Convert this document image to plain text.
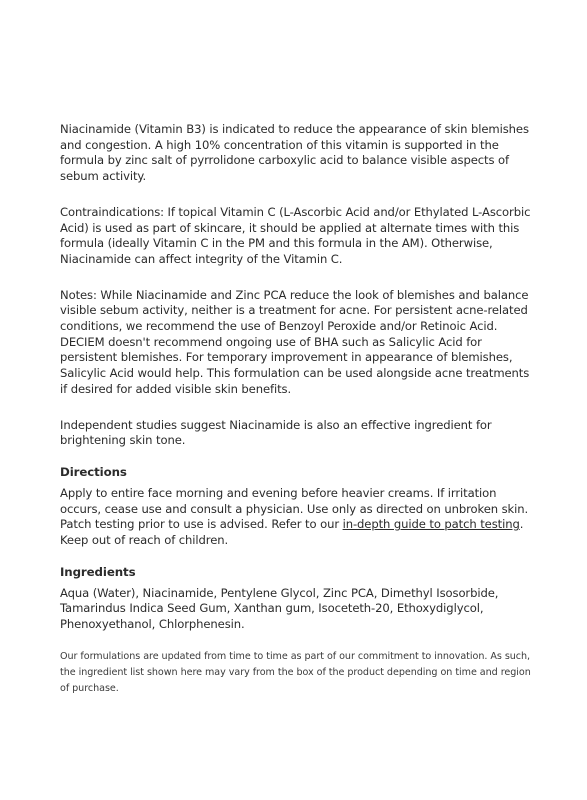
Niacinamide (Vitamin B3) is indicated to reduce the appearance of skin blemishes and congestion. A high 10% concentration of this vitamin is supported in the formula by zinc salt of pyrrolidone carboxylic acid to balance visible aspects of sebum activity.

Contraindications: If topical Vitamin C (L-Ascorbic Acid and/or Ethylated L-Ascorbic Acid) is used as part of skincare, it should be applied at alternate times with this formula (ideally Vitamin C in the PM and this formula in the AM). Otherwise, Niacinamide can affect integrity of the Vitamin C.

Notes: While Niacinamide and Zinc PCA reduce the look of blemishes and balance visible sebum activity, neither is a treatment for acne. For persistent acne-related conditions, we recommend the use of Benzoyl Peroxide and/or Retinoic Acid. DECIEM doesn't recommend ongoing use of BHA such as Salicylic Acid for persistent blemishes. For temporary improvement in appearance of blemishes, Salicylic Acid would help. This formulation can be used alongside acne treatments if desired for added visible skin benefits.

Independent studies suggest Niacinamide is also an effective ingredient for brightening skin tone.

Directions

Apply to entire face morning and evening before heavier creams. If irritation occurs, cease use and consult a physician. Use only as directed on unbroken skin. Patch testing prior to use is advised. Refer to our in-depth guide to patch testing. Keep out of reach of children.

Ingredients

Aqua (Water), Niacinamide, Pentylene Glycol, Zinc PCA, Dimethyl Isosorbide, Tamarindus Indica Seed Gum, Xanthan gum, Isoceteth-20, Ethoxydiglycol, Phenoxyethanol, Chlorphenesin.

Our formulations are updated from time to time as part of our commitment to innovation. As such, the ingredient list shown here may vary from the box of the product depending on time and region of purchase.
